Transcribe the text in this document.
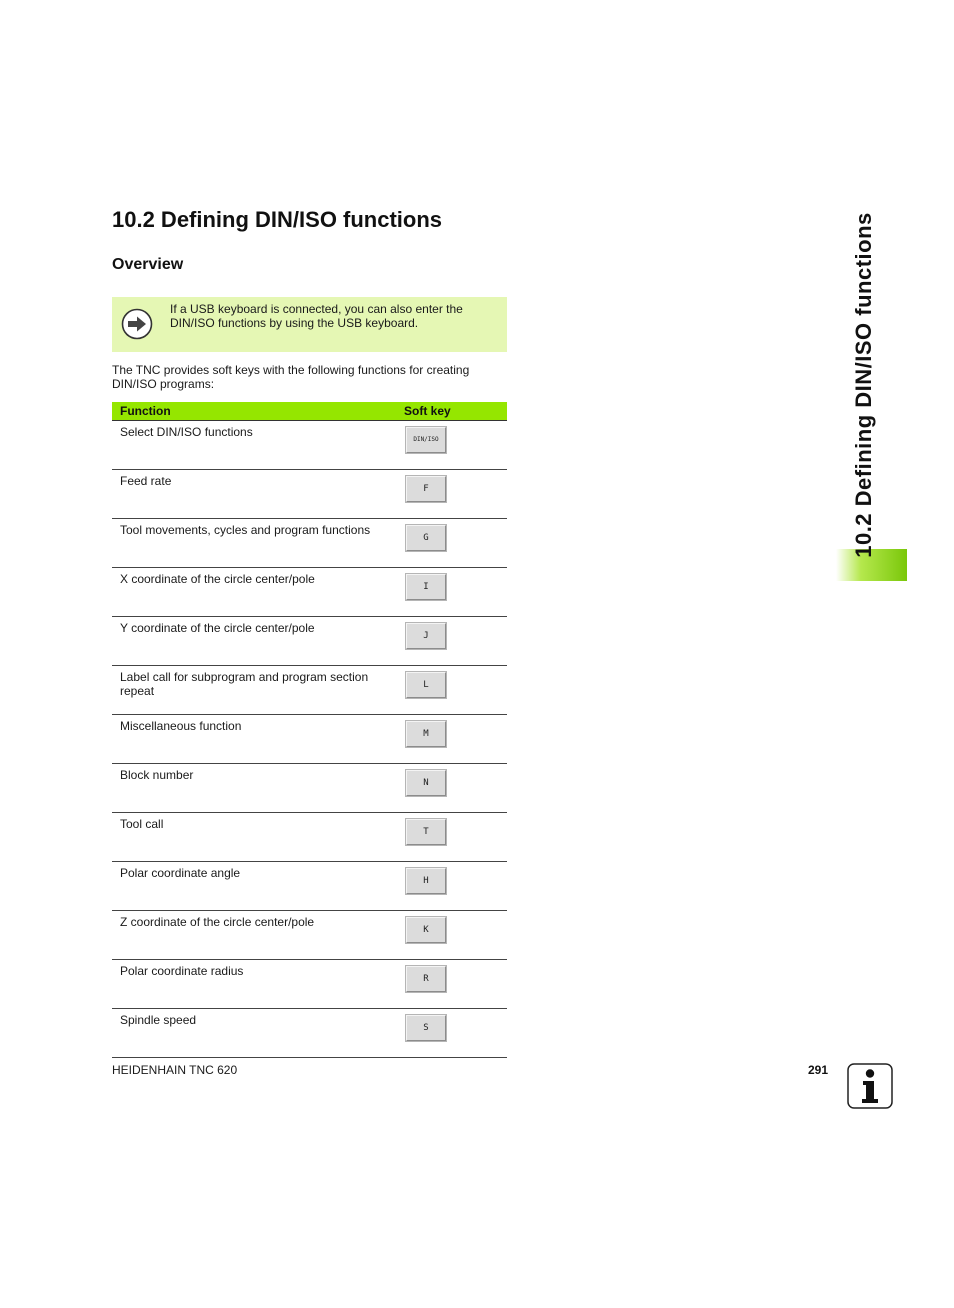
10.2 Defining DIN/ISO functions
Overview
If a USB keyboard is connected, you can also enter the DIN/ISO functions by using the USB keyboard.

The TNC provides soft keys with the following functions for creating DIN/ISO programs:

Function	Soft key
Select DIN/ISO functions	DIN/ISO

Feed rate	F

Tool movements, cycles and program functions	G

X coordinate of the circle center/pole	I

Y coordinate of the circle center/pole	J

Label call for subprogram and program section repeat	L

Miscellaneous function	M

Block number	N

Tool call	T

Polar coordinate angle	H

Z coordinate of the circle center/pole	K

Polar coordinate radius	R

Spindle speed	S
10.2 Defining DIN/ISO functions
HEIDENHAIN TNC 620	291
